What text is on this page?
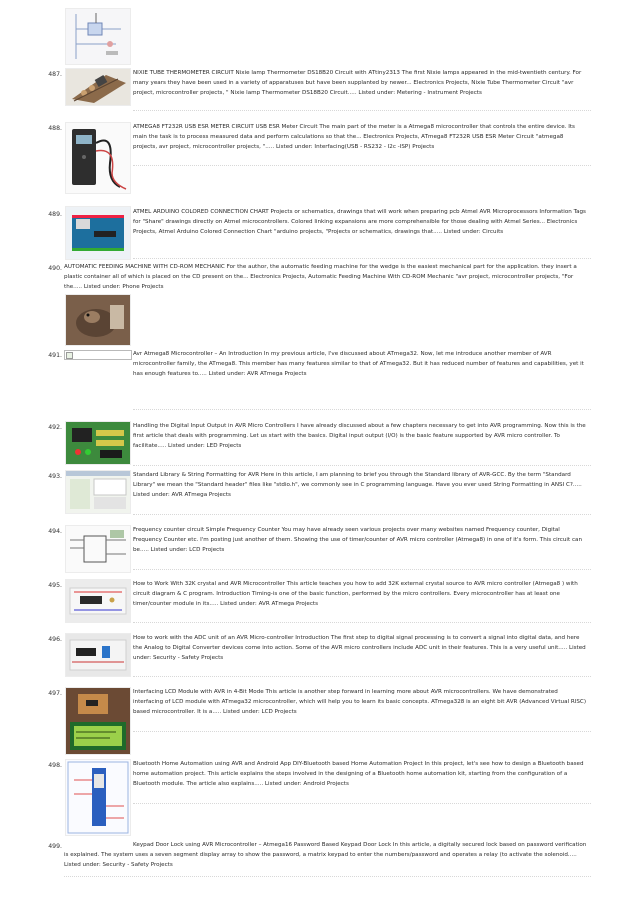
487.	NIXIE TUBE THERMOMETER CIRCUIT Nixie lamp Thermometer DS18B20 Circuit with ATtiny2313 The first Nixie lamps appeared in the mid-twentieth century. For many years they have been used in a variety of apparatuses but have been supplanted by newer... Electronics Projects, Nixie Tube Thermometer Circuit "avr project, microcontroller projects, " Nixie lamp Thermometer DS18B20 Circuit..... Listed under: Metering - Instrument Projects
488.	ATMEGA8 FT232R USB ESR METER CIRCUIT USB ESR Meter Circuit The main part of the meter is a Atmega8 microcontroller that controls the entire device. Its main the task is to process measured data and perform calculations so that the... Electronics Projects, ATmega8 FT232R USB ESR Meter Circuit "atmega8 projects, avr project, microcontroller projects, "..... Listed under: Interfacing(USB - RS232 - I2c -ISP) Projects
489.	ATMEL ARDUINO COLORED CONNECTION CHART Projects or schematics, drawings that will work when preparing pcb Atmel AVR Microprocessors Information Tags for "Share" drawings directly on Atmel microcontrollers. Colored linking expansions are more comprehensible for those dealing with Atmel Series... Electronics Projects, Atmel Arduino Colored Connection Chart "arduino projects, "Projects or schematics, drawings that..... Listed under: Circuits
490. AUTOMATIC FEEDING MACHINE WITH CD-ROM MECHANIC For the author, the automatic feeding machine for the wedge is the easiest mechanical part for the application. they insert a plastic container all of which is placed on the CD present on the... Electronics Projects, Automatic Feeding Machine With CD-ROM Mechanic "avr project, microcontroller projects, "For the..... Listed under: Phone Projects
491.	Avr Atmega8 Microcontroller – An Introduction In my previous article, I've discussed about ATmega32. Now, let me introduce another member of AVR microcontroller family, the ATmega8. This member has many features similar to that of ATmega32. But it has reduced number of features and capabilities, yet it has enough features to..... Listed under: AVR ATmega Projects
492.	Handling the Digital Input Output in AVR Micro Controllers I have already discussed about a few chapters necessary to get into AVR programming. Now this is the first article that deals with programming. Let us start with the basics. Digital input output (I/O) is the basic feature supported by AVR micro controller. To facilitate..... Listed under: LED Projects
493.	Standard Library & String Formatting for AVR Here in this article, I am planning to brief you through the Standard library of AVR-GCC. By the term "Standard Library" we mean the "Standard header" files like "stdio.h", we commonly see in C programming language. Have you ever used String Formatting in ANSI C?..... Listed under: AVR ATmega Projects
494.	Frequency counter circuit Simple Frequency Counter You may have already seen various projects over many websites named Frequency counter, Digital Frequency Counter etc. I'm posting just another of them. Showing the use of timer/counter of AVR micro controller (Atmega8) in one of it's form. This circuit can be..... Listed under: LCD Projects
495.	How to Work With 32K crystal and AVR Microcontroller This article teaches you how to add 32K external crystal source to AVR micro controller (Atmega8 ) with circuit diagram & C program. Introduction Timing-is one of the basic function, performed by the micro controllers. Every microcontroller has at least one timer/counter module in its..... Listed under: AVR ATmega Projects
496.	How to work with the ADC unit of an AVR Micro-controller Introduction The first step to digital signal processing is to convert a signal into digital data, and here the Analog to Digital Converter devices come into action. Some of the AVR micro controllers include ADC unit in their features. This is a very useful unit..... Listed under: Security - Safety Projects
497.	Interfacing LCD Module with AVR in 4-Bit Mode This article is another step forward in learning more about AVR microcontrollers. We have demonstrated interfacing of LCD module with ATmega32 microcontroller, which will help you to learn its basic concepts. ATmega328 is an eight bit AVR (Advanced Virtual RISC) based microcontroller. It is a..... Listed under: LCD Projects
498.	Bluetooth Home Automation using AVR and Android App DIY-Bluetooth based Home Automation Project In this project, let's see how to design a Bluetooth based home automation project. This article explains the steps involved in the designing of a Bluetooth home automation kit, starting from the configuration of a Bluetooth module. The article also explains..... Listed under: Android Projects
499.	Keypad Door Lock using AVR Microcontroller – Atmega16 Password Based Keypad Door Lock In this article, a digitally secured lock based on password verification is explained. The system uses a seven segment display array to show the password, a matrix keypad to enter the numbers/password and operates a relay (to activate the solenoid..... Listed under: Security - Safety Projects
